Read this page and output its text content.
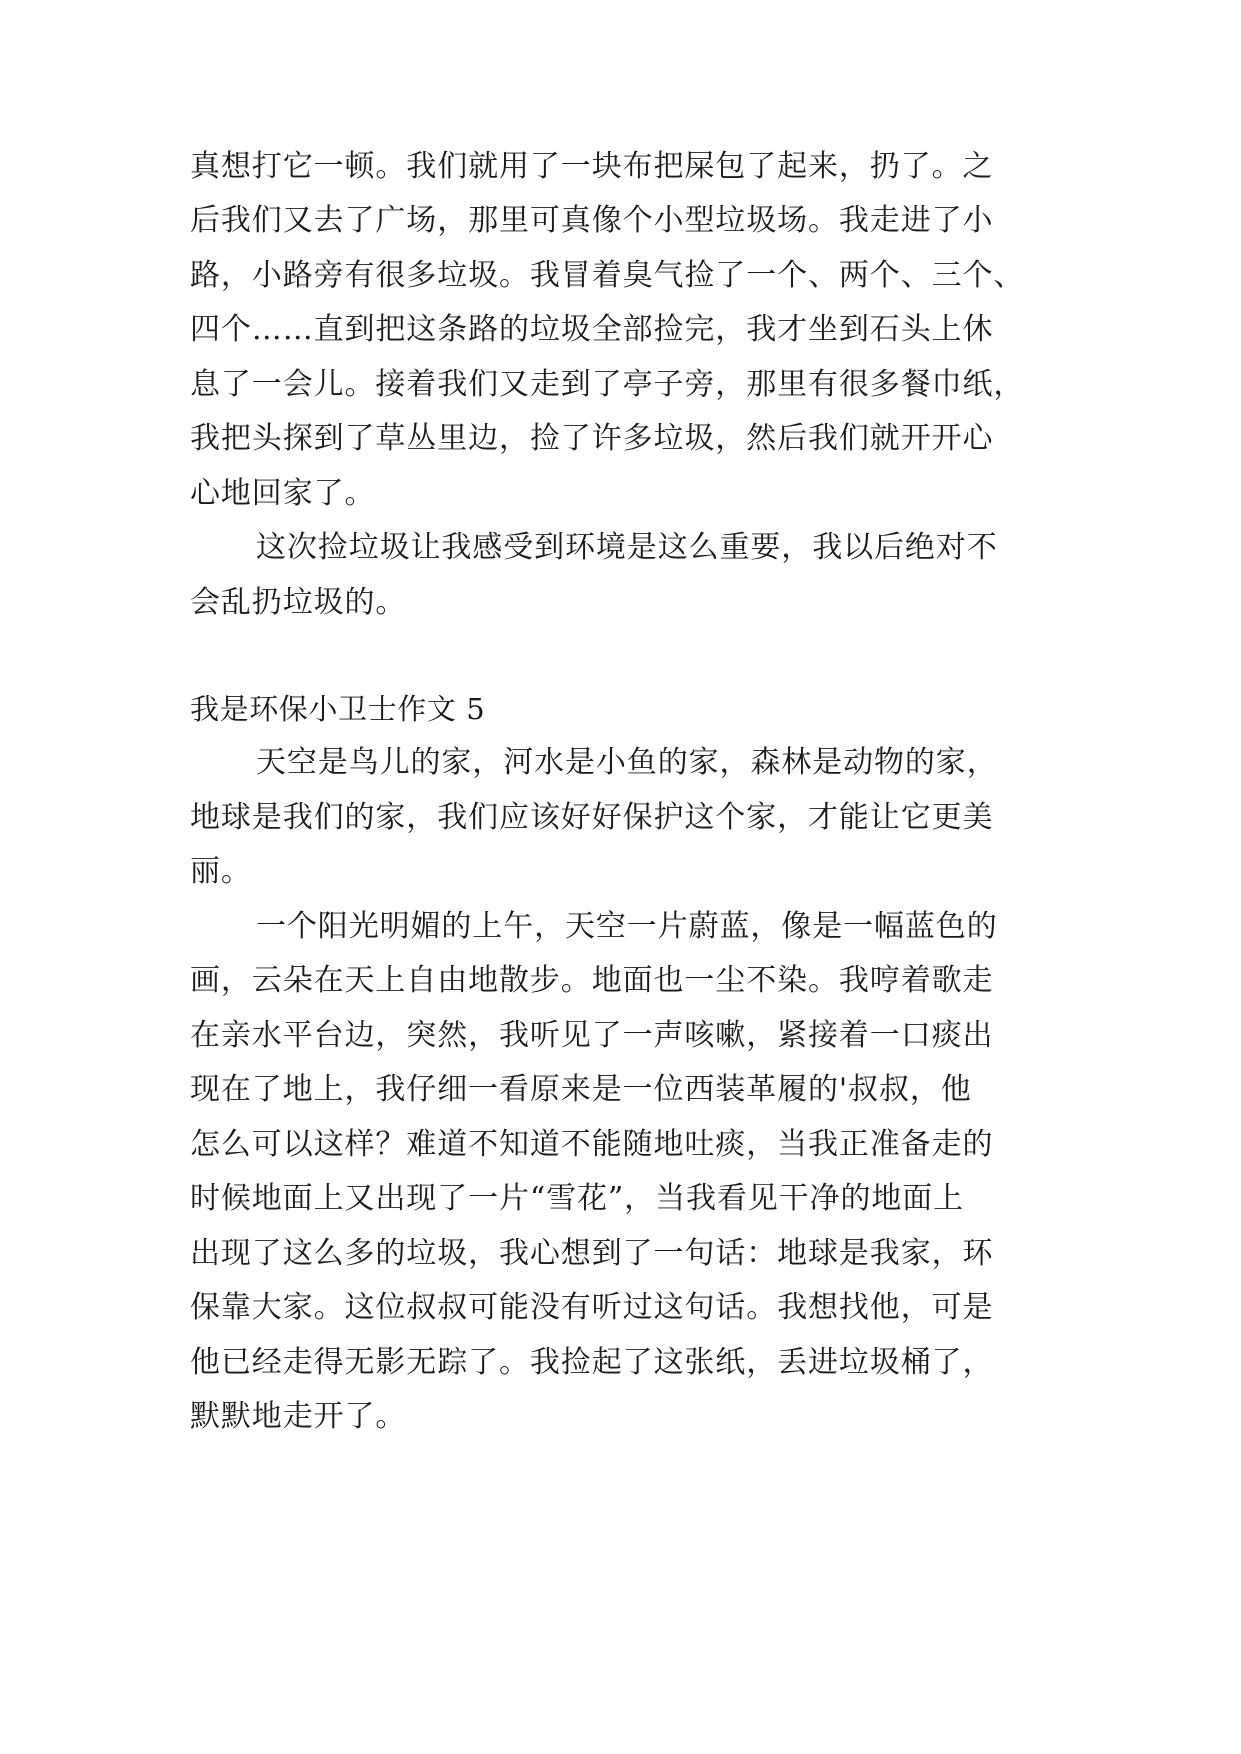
真想打它一顿。我们就用了一块布把屎包了起来，扔了。之
后我们又去了广场，那里可真像个小型垃圾场。我走进了小
路，小路旁有很多垃圾。我冒着臭气捡了一个、两个、三个、
四个……直到把这条路的垃圾全部捡完，我才坐到石头上休
息了一会儿。接着我们又走到了亭子旁，那里有很多餐巾纸，
我把头探到了草丛里边，捡了许多垃圾，然后我们就开开心
心地回家了。
这次捡垃圾让我感受到环境是这么重要，我以后绝对不
会乱扔垃圾的。
我是环保小卫士作文 5
天空是鸟儿的家，河水是小鱼的家，森林是动物的家，
地球是我们的家，我们应该好好保护这个家，才能让它更美
丽。
一个阳光明媚的上午，天空一片蔚蓝，像是一幅蓝色的
画，云朵在天上自由地散步。地面也一尘不染。我哼着歌走
在亲水平台边，突然，我听见了一声咳嗽，紧接着一口痰出
现在了地上，我仔细一看原来是一位西装革履的'叔叔，他
怎么可以这样？难道不知道不能随地吐痰，当我正准备走的
时候地面上又出现了一片“雪花”，当我看见干净的地面上
出现了这么多的垃圾，我心想到了一句话：地球是我家，环
保靠大家。这位叔叔可能没有听过这句话。我想找他，可是
他已经走得无影无踪了。我捡起了这张纸，丢进垃圾桶了，
默默地走开了。
